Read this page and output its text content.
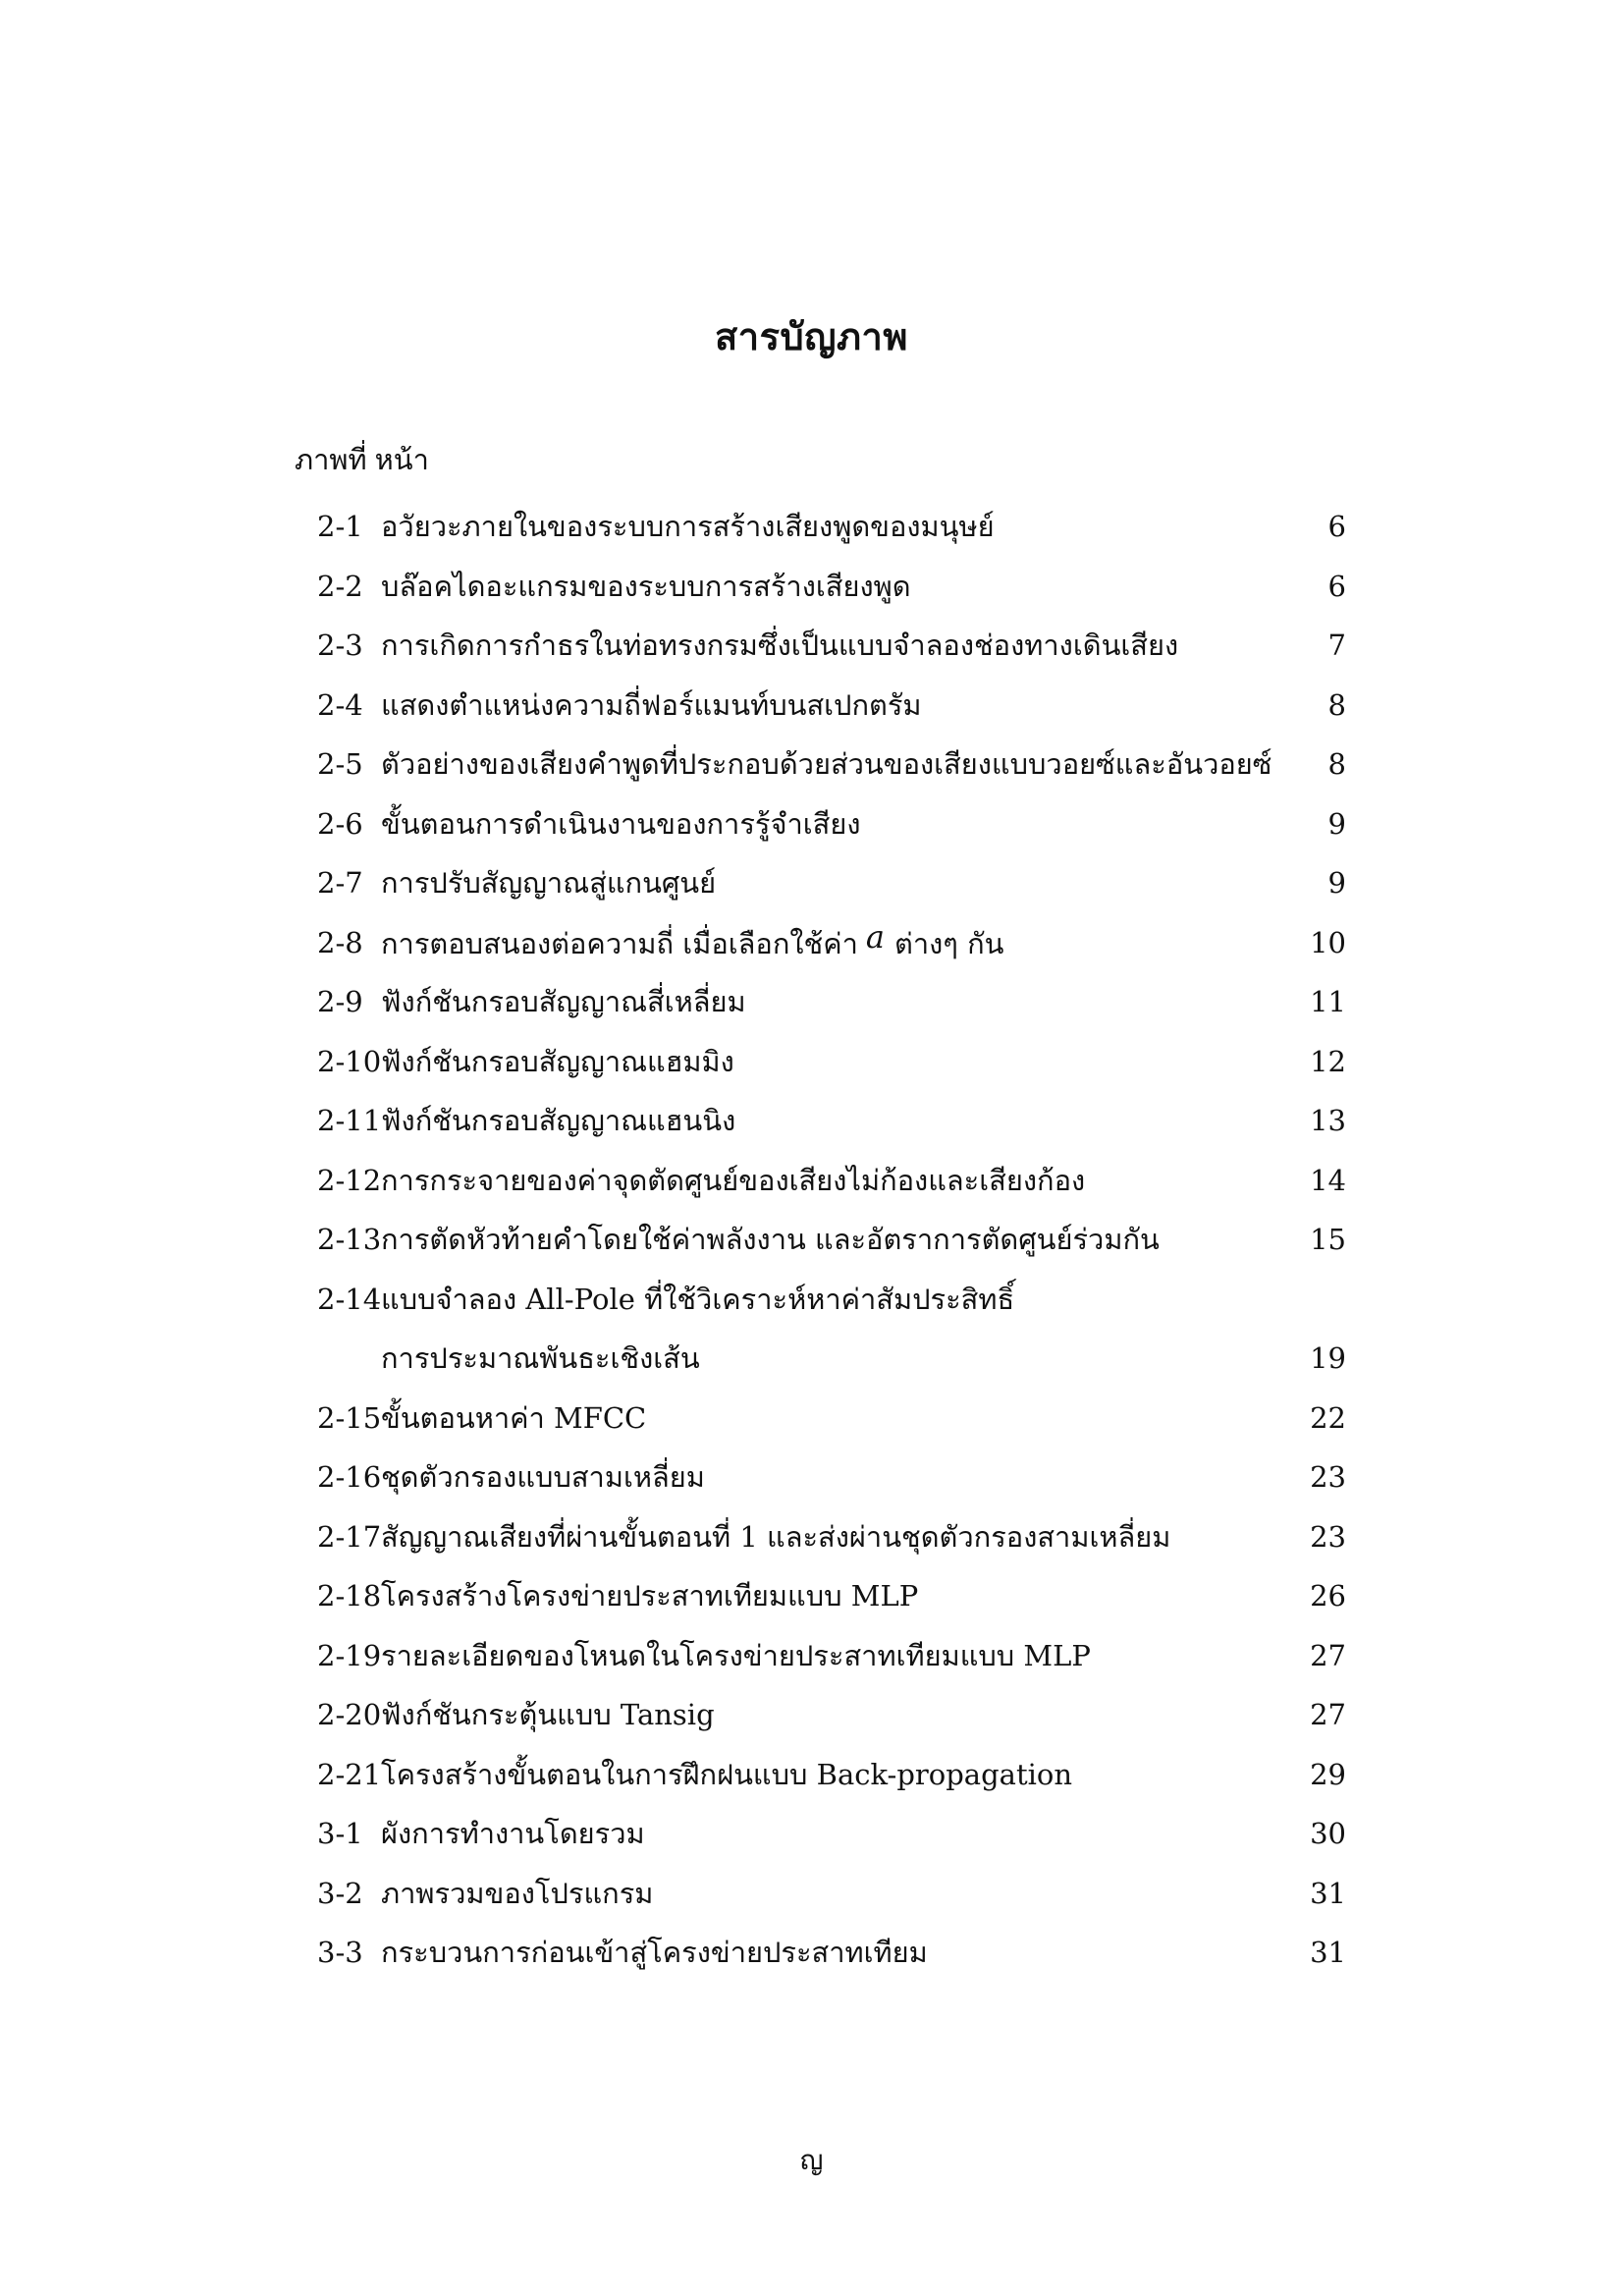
สารบัญภาพ
ภาพที่ หน้า
2-1 อวัยวะภายในของระบบการสร้างเสียงพูดของมนุษย์	6
2-2 บล๊อคไดอะแกรมของระบบการสร้างเสียงพูด	6
2-3 การเกิดการกำธรในท่อทรงกรมซึ่งเป็นแบบจำลองช่องทางเดินเสียง	7
2-4 แสดงตำแหน่งความถี่ฟอร์แมนท์บนสเปกตรัม	8
2-5 ตัวอย่างของเสียงคำพูดที่ประกอบด้วยส่วนของเสียงแบบวอยซ์และอันวอยซ์ 8
2-6 ขั้นตอนการดำเนินงานของการรู้จำเสียง	9
2-7 การปรับสัญญาณสู่แกนศูนย์	9
2-8 การตอบสนองต่อความถี่ เมื่อเลือกใช้ค่า a ต่างๆ กัน	10
2-9 ฟังก์ชันกรอบสัญญาณสี่เหลี่ยม	11
2-10 ฟังก์ชันกรอบสัญญาณแฮมมิง	12
2-11 ฟังก์ชันกรอบสัญญาณแฮนนิง	13
2-12 การกระจายของค่าจุดตัดศูนย์ของเสียงไม่ก้องและเสียงก้อง	14
2-13 การตัดหัวท้ายคำโดยใช้ค่าพลังงาน และอัตราการตัดศูนย์ร่วมกัน	15
2-14 แบบจำลอง All-Pole ที่ใช้วิเคราะห์หาค่าสัมประสิทธิ์
การประมาณพันธะเชิงเส้น	19
2-15 ขั้นตอนหาค่า MFCC	22
2-16 ชุดตัวกรองแบบสามเหลี่ยม	23
2-17 สัญญาณเสียงที่ผ่านขั้นตอนที่ 1 และส่งผ่านชุดตัวกรองสามเหลี่ยม	23
2-18 โครงสร้างโครงข่ายประสาทเทียมแบบ MLP	26
2-19 รายละเอียดของโหนดในโครงข่ายประสาทเทียมแบบ MLP	27
2-20 ฟังก์ชันกระตุ้นแบบ Tansig	27
2-21 โครงสร้างขั้นตอนในการฝึกฝนแบบ Back-propagation	29
3-1 ผังการทำงานโดยรวม	30
3-2 ภาพรวมของโปรแกรม	31
3-3 กระบวนการก่อนเข้าสู่โครงข่ายประสาทเทียม	31
ญ
